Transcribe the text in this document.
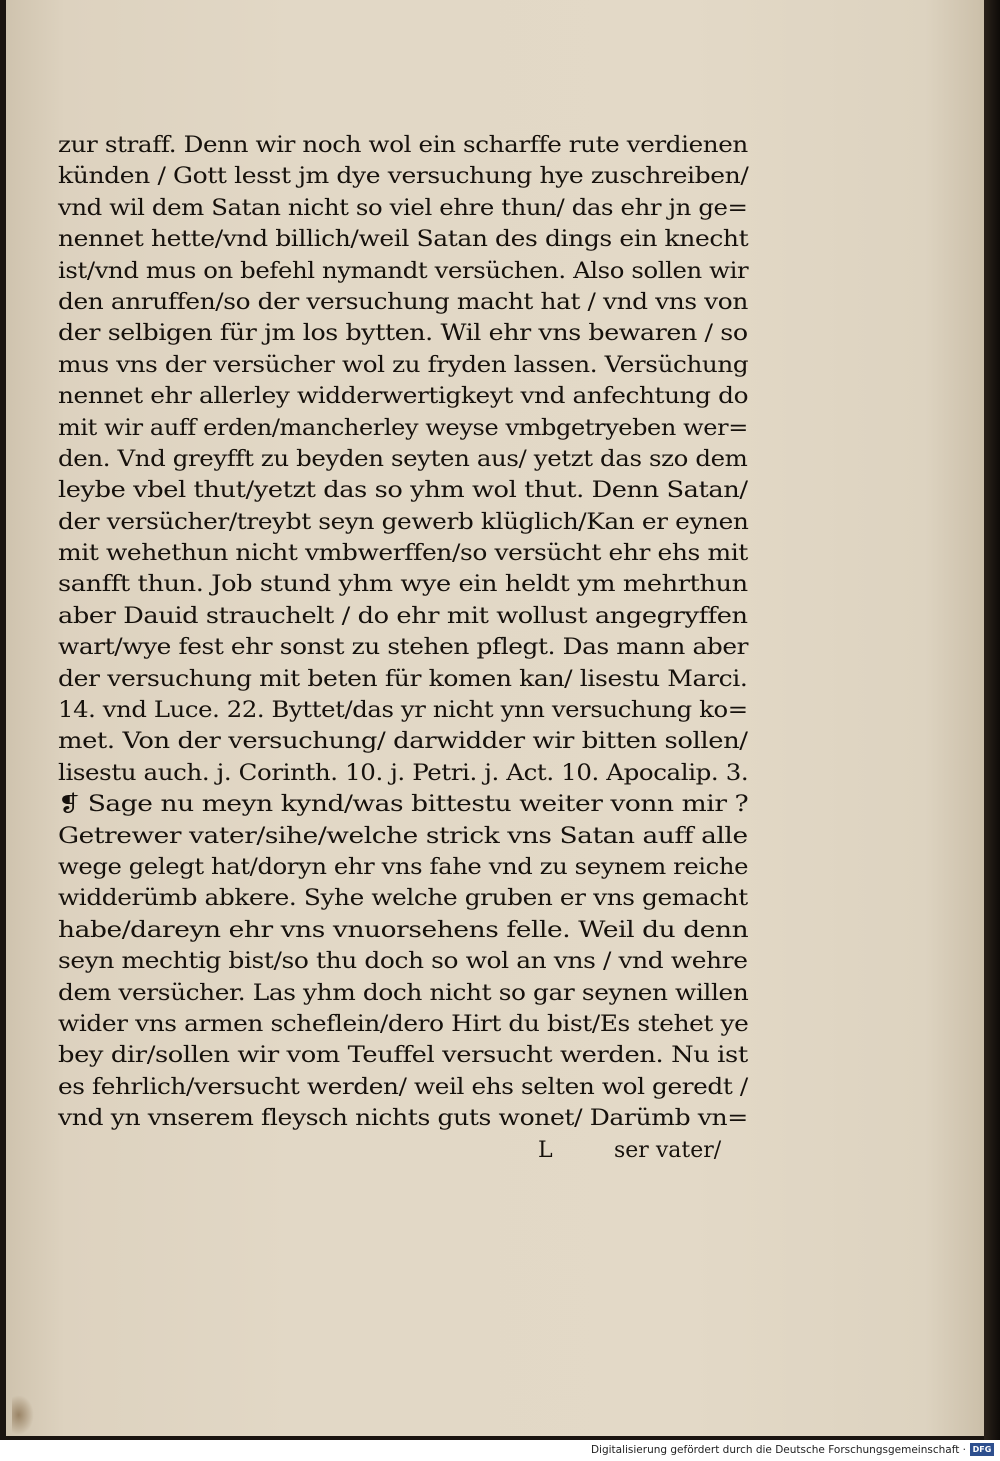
zur straff. Denn wir noch wol ein scharffe rute verdienen
künden / Gott lesst jm dye versuchung hye zuschreiben/
vnd wil dem Satan nicht so viel ehre thun/ das ehr jn ge=
nennet hette/vnd billich/weil Satan des dings ein knecht
ist/vnd mus on befehl nymandt versüchen. Also sollen wir
den anruffen/so der versuchung macht hat / vnd vns von
der selbigen für jm los bytten. Wil ehr vns bewaren / so
mus vns der versücher wol zu fryden lassen. Versüchung
nennet ehr allerley widderwertigkeyt vnd anfechtung do
mit wir auff erden/mancherley weyse vmbgetryeben wer=
den. Vnd greyfft zu beyden seyten aus/ yetzt das szo dem
leybe vbel thut/yetzt das so yhm wol thut. Denn Satan/
der versücher/treybt seyn gewerb klüglich/Kan er eynen
mit wehethun nicht vmbwerffen/so versücht ehr ehs mit
sanfft thun. Job stund yhm wye ein heldt ym mehrthun
aber Dauid strauchelt / do ehr mit wollust angegryffen
wart/wye fest ehr sonst zu stehen pflegt. Das mann aber
der versuchung mit beten für komen kan/ lisestu Marci.
14. vnd Luce. 22. Byttet/das yr nicht ynn versuchung ko=
met. Von der versuchung/ darwidder wir bitten sollen/
lisestu auch. j. Corinth. 10. j. Petri. j. Act. 10. Apocalip. 3.
❡ Sage nu meyn kynd/was bittestu weiter vonn mir ?
Getrewer vater/sihe/welche strick vns Satan auff alle
wege gelegt hat/doryn ehr vns fahe vnd zu seynem reiche
widderümb abkere. Syhe welche gruben er vns gemacht
habe/dareyn ehr vns vnuorsehens felle. Weil du denn
seyn mechtig bist/so thu doch so wol an vns / vnd wehre
dem versücher. Las yhm doch nicht so gar seynen willen
wider vns armen scheflein/dero Hirt du bist/Es stehet ye
bey dir/sollen wir vom Teuffel versucht werden. Nu ist
es fehrlich/versucht werden/ weil ehs selten wol geredt /
vnd yn vnserem fleysch nichts guts wonet/ Darümb vn=
L	ser vater/
Digitalisierung gefördert durch die Deutsche Forschungsgemeinschaft · DFG
